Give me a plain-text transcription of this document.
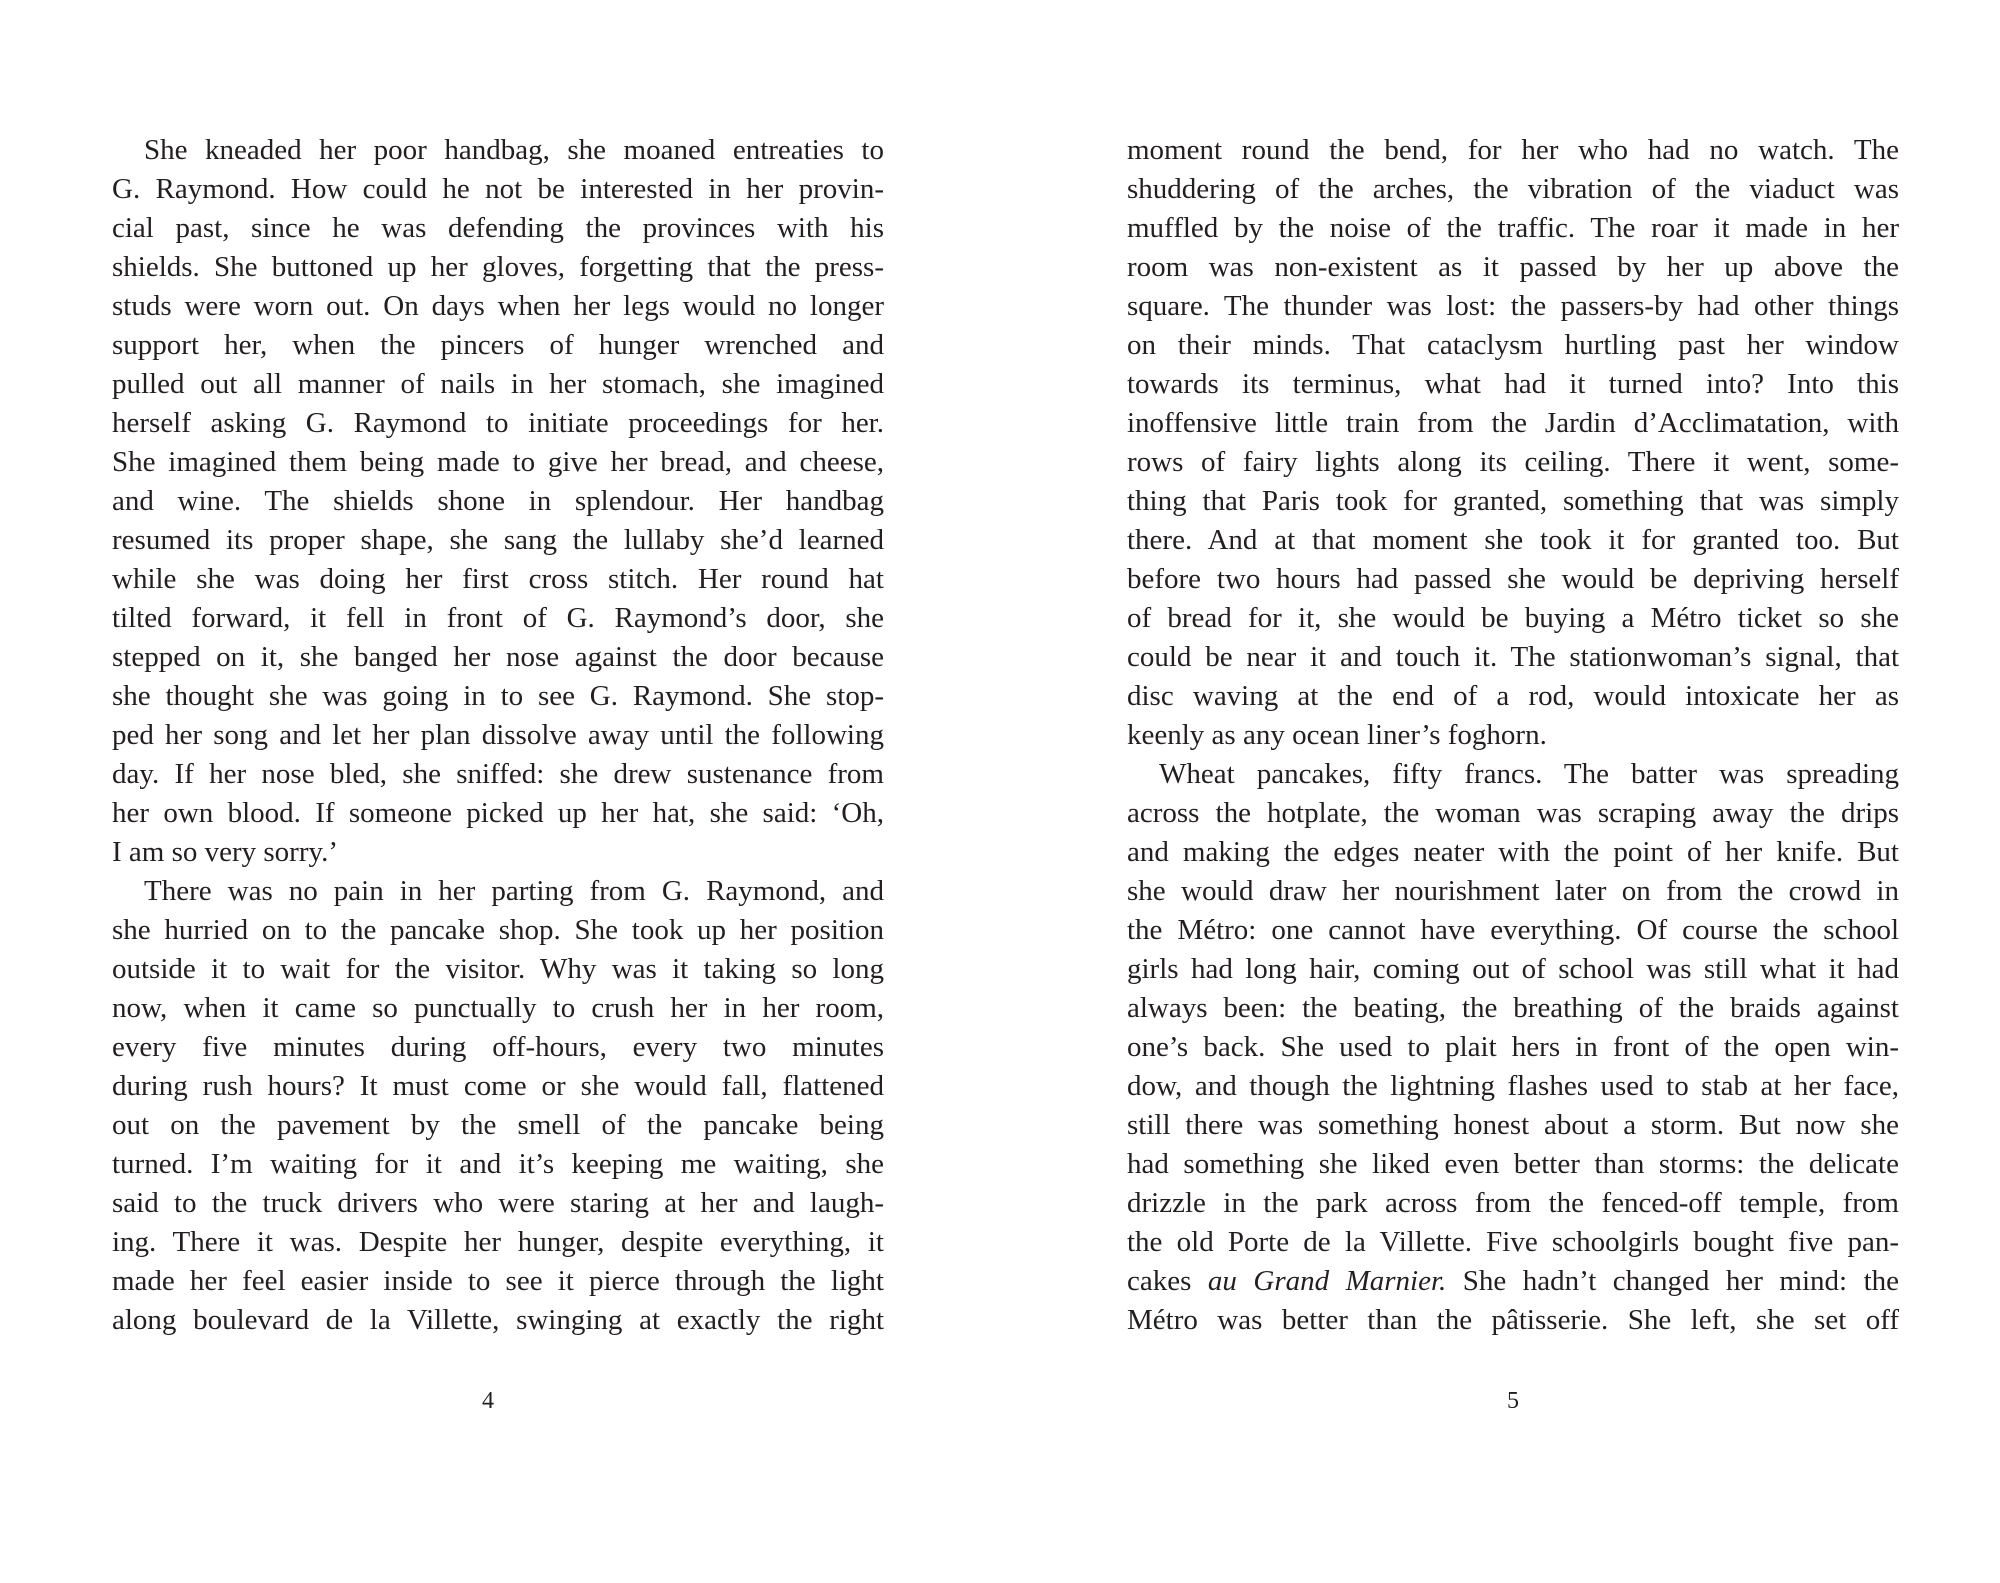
She kneaded her poor handbag, she moaned entreaties to
G. Raymond. How could he not be interested in her provin-
cial past, since he was defending the provinces with his
shields. She buttoned up her gloves, forgetting that the press-
studs were worn out. On days when her legs would no longer
support her, when the pincers of hunger wrenched and
pulled out all manner of nails in her stomach, she imagined
herself asking G. Raymond to initiate proceedings for her.
She imagined them being made to give her bread, and cheese,
and wine. The shields shone in splendour. Her handbag
resumed its proper shape, she sang the lullaby she’d learned
while she was doing her first cross stitch. Her round hat
tilted forward, it fell in front of G. Raymond’s door, she
stepped on it, she banged her nose against the door because
she thought she was going in to see G. Raymond. She stop-
ped her song and let her plan dissolve away until the following
day. If her nose bled, she sniffed: she drew sustenance from
her own blood. If someone picked up her hat, she said: ‘Oh,
I am so very sorry.’
There was no pain in her parting from G. Raymond, and
she hurried on to the pancake shop. She took up her position
outside it to wait for the visitor. Why was it taking so long
now, when it came so punctually to crush her in her room,
every five minutes during off-hours, every two minutes
during rush hours? It must come or she would fall, flattened
out on the pavement by the smell of the pancake being
turned. I’m waiting for it and it’s keeping me waiting, she
said to the truck drivers who were staring at her and laugh-
ing. There it was. Despite her hunger, despite everything, it
made her feel easier inside to see it pierce through the light
along boulevard de la Villette, swinging at exactly the right
4
moment round the bend, for her who had no watch. The
shuddering of the arches, the vibration of the viaduct was
muffled by the noise of the traffic. The roar it made in her
room was non-existent as it passed by her up above the
square. The thunder was lost: the passers-by had other things
on their minds. That cataclysm hurtling past her window
towards its terminus, what had it turned into? Into this
inoffensive little train from the Jardin d’Acclimatation, with
rows of fairy lights along its ceiling. There it went, some-
thing that Paris took for granted, something that was simply
there. And at that moment she took it for granted too. But
before two hours had passed she would be depriving herself
of bread for it, she would be buying a Métro ticket so she
could be near it and touch it. The stationwoman’s signal, that
disc waving at the end of a rod, would intoxicate her as
keenly as any ocean liner’s foghorn.
Wheat pancakes, fifty francs. The batter was spreading
across the hotplate, the woman was scraping away the drips
and making the edges neater with the point of her knife. But
she would draw her nourishment later on from the crowd in
the Métro: one cannot have everything. Of course the school
girls had long hair, coming out of school was still what it had
always been: the beating, the breathing of the braids against
one’s back. She used to plait hers in front of the open win-
dow, and though the lightning flashes used to stab at her face,
still there was something honest about a storm. But now she
had something she liked even better than storms: the delicate
drizzle in the park across from the fenced-off temple, from
the old Porte de la Villette. Five schoolgirls bought five pan-
cakes au Grand Marnier. She hadn’t changed her mind: the
Métro was better than the pâtisserie. She left, she set off
5
